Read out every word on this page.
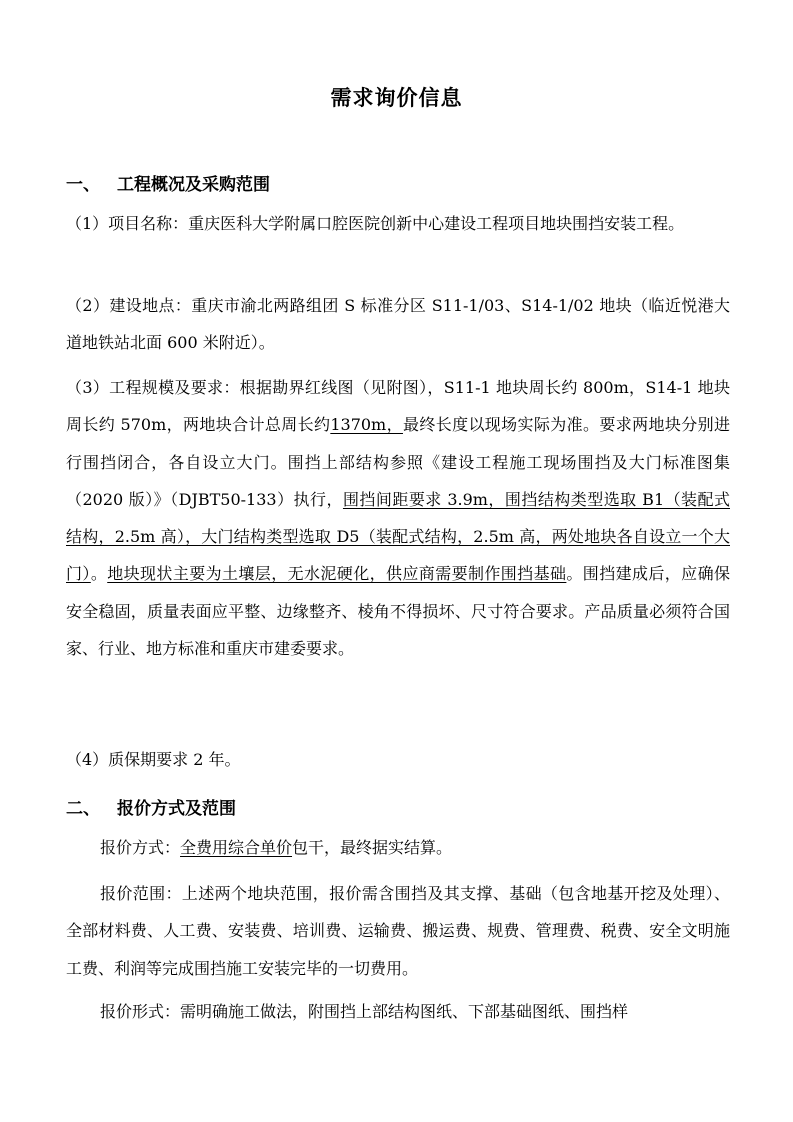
需求询价信息
一、 工程概况及采购范围
（1）项目名称：重庆医科大学附属口腔医院创新中心建设工程项目地块围挡安装工程。
（2）建设地点：重庆市渝北两路组团 S 标准分区 S11-1/03、S14-1/02 地块（临近悦港大道地铁站北面 600 米附近）。
（3）工程规模及要求：根据勘界红线图（见附图），S11-1 地块周长约 800m，S14-1 地块周长约 570m，两地块合计总周长约1370m，最终长度以现场实际为准。要求两地块分别进行围挡闭合，各自设立大门。围挡上部结构参照《建设工程施工现场围挡及大门标准图集（2020 版）》（DJBT50-133）执行，围挡间距要求 3.9m，围挡结构类型选取 B1（装配式结构，2.5m 高），大门结构类型选取 D5（装配式结构，2.5m 高，两处地块各自设立一个大门）。地块现状主要为土壤层，无水泥硬化，供应商需要制作围挡基础。围挡建成后，应确保安全稳固，质量表面应平整、边缘整齐、棱角不得损坏、尺寸符合要求。产品质量必须符合国家、行业、地方标准和重庆市建委要求。
（4）质保期要求 2 年。
二、 报价方式及范围
报价方式：全费用综合单价包干，最终据实结算。
报价范围：上述两个地块范围，报价需含围挡及其支撑、基础（包含地基开挖及处理）、全部材料费、人工费、安装费、培训费、运输费、搬运费、规费、管理费、税费、安全文明施工费、利润等完成围挡施工安装完毕的一切费用。
报价形式：需明确施工做法，附围挡上部结构图纸、下部基础图纸、围挡样
